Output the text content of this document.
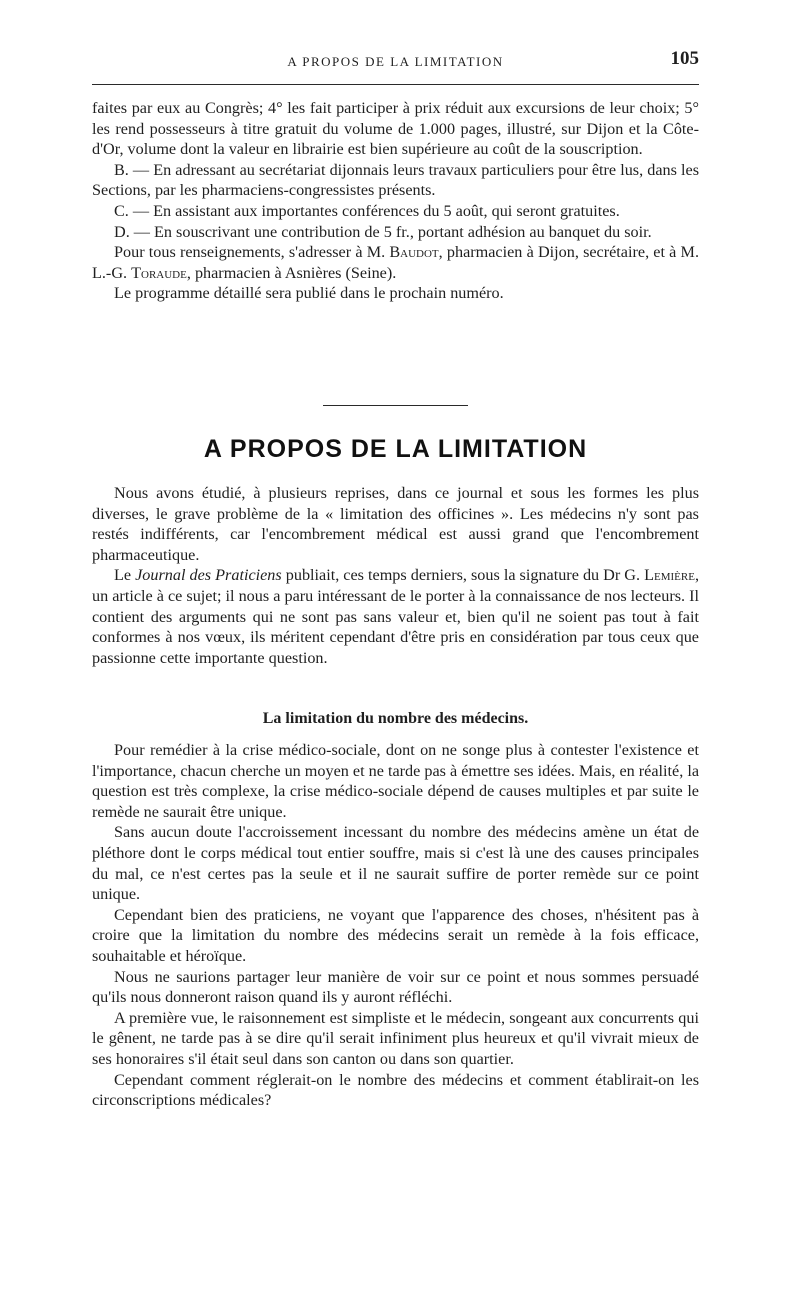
A PROPOS DE LA LIMITATION	105

faites par eux au Congrès; 4° les fait participer à prix réduit aux excursions de leur choix; 5° les rend possesseurs à titre gratuit du volume de 1.000 pages, illustré, sur Dijon et la Côte-d'Or, volume dont la valeur en librairie est bien supérieure au coût de la souscription.

B. — En adressant au secrétariat dijonnais leurs travaux particuliers pour être lus, dans les Sections, par les pharmaciens-congressistes présents.

C. — En assistant aux importantes conférences du 5 août, qui seront gratuites.

D. — En souscrivant une contribution de 5 fr., portant adhésion au banquet du soir.

Pour tous renseignements, s'adresser à M. Baudot, pharmacien à Dijon, secrétaire, et à M. L.-G. Toraude, pharmacien à Asnières (Seine).

Le programme détaillé sera publié dans le prochain numéro.

A PROPOS DE LA LIMITATION

Nous avons étudié, à plusieurs reprises, dans ce journal et sous les formes les plus diverses, le grave problème de la « limitation des officines ». Les médecins n'y sont pas restés indifférents, car l'encombrement médical est aussi grand que l'encombrement pharmaceutique.

Le Journal des Praticiens publiait, ces temps derniers, sous la signature du Dr G. Lemière, un article à ce sujet; il nous a paru intéressant de le porter à la connaissance de nos lecteurs. Il contient des arguments qui ne sont pas sans valeur et, bien qu'il ne soient pas tout à fait conformes à nos vœux, ils méritent cependant d'être pris en considération par tous ceux que passionne cette importante question.

La limitation du nombre des médecins.

Pour remédier à la crise médico-sociale, dont on ne songe plus à contester l'existence et l'importance, chacun cherche un moyen et ne tarde pas à émettre ses idées. Mais, en réalité, la question est très complexe, la crise médico-sociale dépend de causes multiples et par suite le remède ne saurait être unique.

Sans aucun doute l'accroissement incessant du nombre des médecins amène un état de pléthore dont le corps médical tout entier souffre, mais si c'est là une des causes principales du mal, ce n'est certes pas la seule et il ne saurait suffire de porter remède sur ce point unique.

Cependant bien des praticiens, ne voyant que l'apparence des choses, n'hésitent pas à croire que la limitation du nombre des médecins serait un remède à la fois efficace, souhaitable et héroïque.

Nous ne saurions partager leur manière de voir sur ce point et nous sommes persuadé qu'ils nous donneront raison quand ils y auront réfléchi.

A première vue, le raisonnement est simpliste et le médecin, songeant aux concurrents qui le gênent, ne tarde pas à se dire qu'il serait infiniment plus heureux et qu'il vivrait mieux de ses honoraires s'il était seul dans son canton ou dans son quartier.

Cependant comment réglerait-on le nombre des médecins et comment établirait-on les circonscriptions médicales?
